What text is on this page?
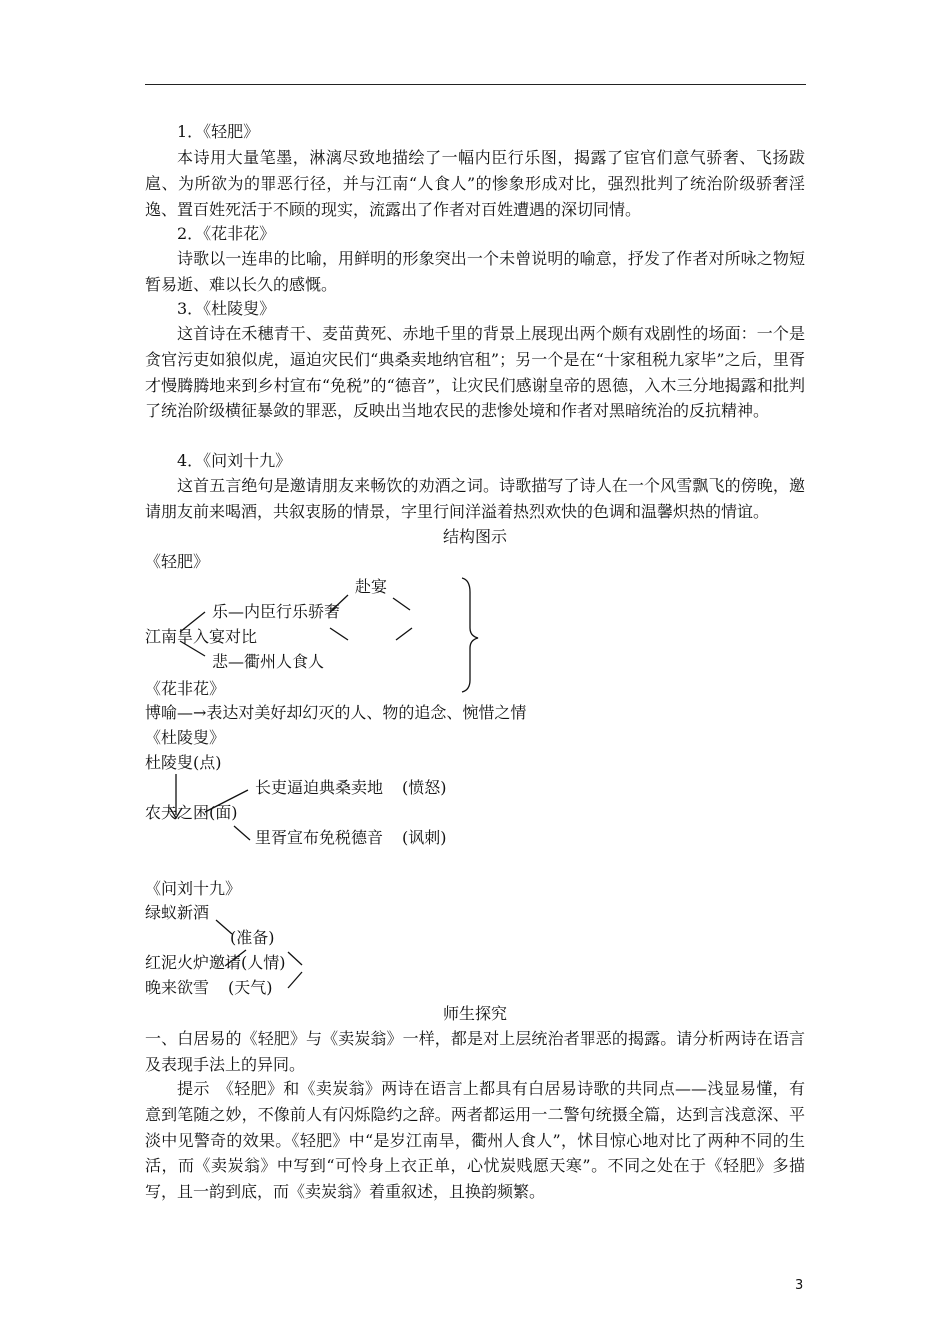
1．《轻肥》
本诗用大量笔墨，淋漓尽致地描绘了一幅内臣行乐图，揭露了宦官们意气骄奢、飞扬跋扈、为所欲为的罪恶行径，并与江南“人食人”的惨象形成对比，强烈批判了统治阶级骄奢淫逸、置百姓死活于不顾的现实，流露出了作者对百姓遭遇的深切同情。
2．《花非花》
诗歌以一连串的比喻，用鲜明的形象突出一个未曾说明的喻意，抒发了作者对所咏之物短暂易逝、难以长久的感慨。
3．《杜陵叟》
这首诗在禾穗青干、麦苗黄死、赤地千里的背景上展现出两个颇有戏剧性的场面：一个是贪官污吏如狼似虎，逼迫灾民们“典桑卖地纳官租”；另一个是在“十家租税九家毕”之后，里胥才慢腾腾地来到乡村宣布“免税”的“德音”，让灾民们感谢皇帝的恩德，入木三分地揭露和批判了统治阶级横征暴敛的罪恶，反映出当地农民的悲惨处境和作者对黑暗统治的反抗精神。
4．《问刘十九》
这首五言绝句是邀请朋友来畅饮的劝酒之词。诗歌描写了诗人在一个风雪飘飞的傍晚，邀请朋友前来喝酒，共叙衷肠的情景，字里行间洋溢着热烈欢快的色调和温馨炽热的情谊。
结构图示
《轻肥》
赴宴
乐—内臣行乐骄奢
江南旱入宴对比
悲—衢州人食人
《花非花》
博喻—→表达对美好却幻灭的人、物的追念、惋惜之情
《杜陵叟》
杜陵叟(点)
长吏逼迫典桑卖地 (愤怒)
农夫之困(面)
里胥宣布免税德音 (讽刺)
《问刘十九》
绿蚁新酒
(准备)
红泥火炉邀请(人情)
晚来欲雪 (天气)
师生探究
一、白居易的《轻肥》与《卖炭翁》一样，都是对上层统治者罪恶的揭露。请分析两诗在语言及表现手法上的异同。
提示　《轻肥》和《卖炭翁》两诗在语言上都具有白居易诗歌的共同点——浅显易懂，有意到笔随之妙，不像前人有闪烁隐约之辞。两者都运用一二警句统摄全篇，达到言浅意深、平淡中见警奇的效果。《轻肥》中“是岁江南旱，衢州人食人”，怵目惊心地对比了两种不同的生活，而《卖炭翁》中写到“可怜身上衣正单，心忧炭贱愿天寒”。不同之处在于《轻肥》多描写，且一韵到底，而《卖炭翁》着重叙述，且换韵频繁。
3
